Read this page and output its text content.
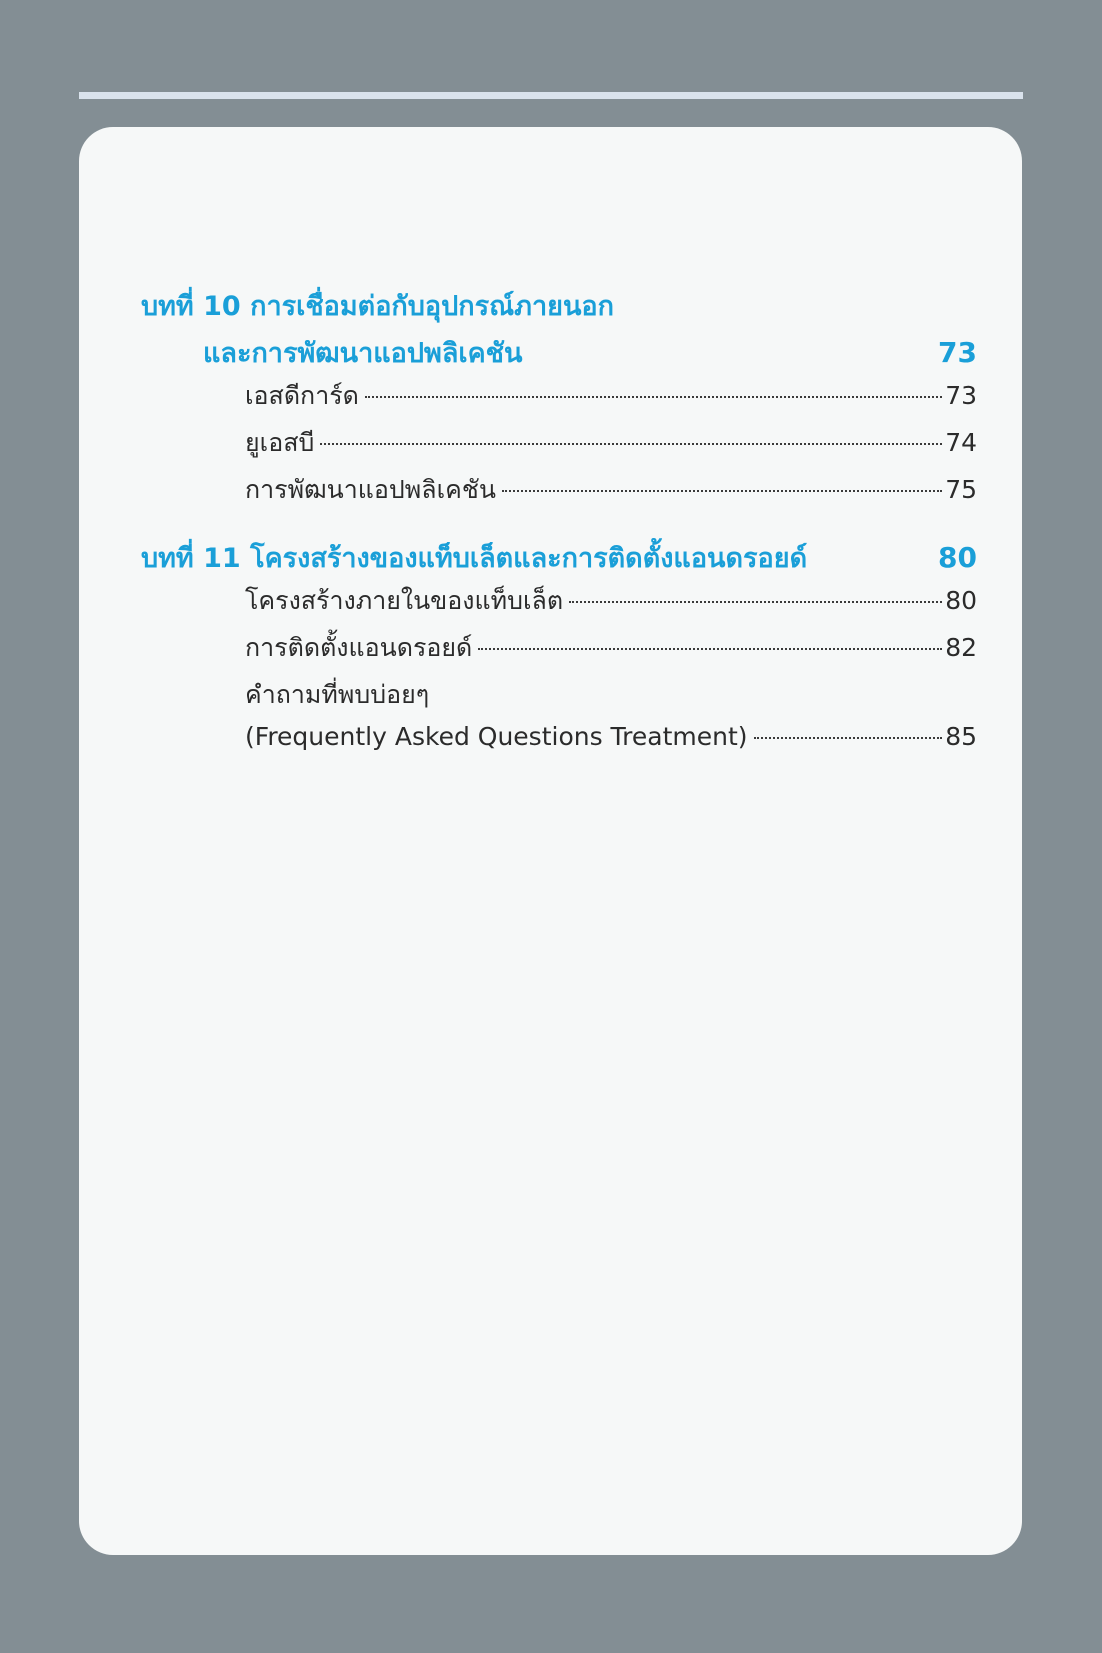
บทที่ 10 การเชื่อมต่อกับอุปกรณ์ภายนอก
และการพัฒนาแอปพลิเคชัน	73
เอสดีการ์ด	73
ยูเอสบี	74
การพัฒนาแอปพลิเคชัน	75
บทที่ 11 โครงสร้างของแท็บเล็ตและการติดตั้งแอนดรอยด์	80
โครงสร้างภายในของแท็บเล็ต	80
การติดตั้งแอนดรอยด์	82
คำถามที่พบบ่อยๆ
(Frequently Asked Questions Treatment)	85
